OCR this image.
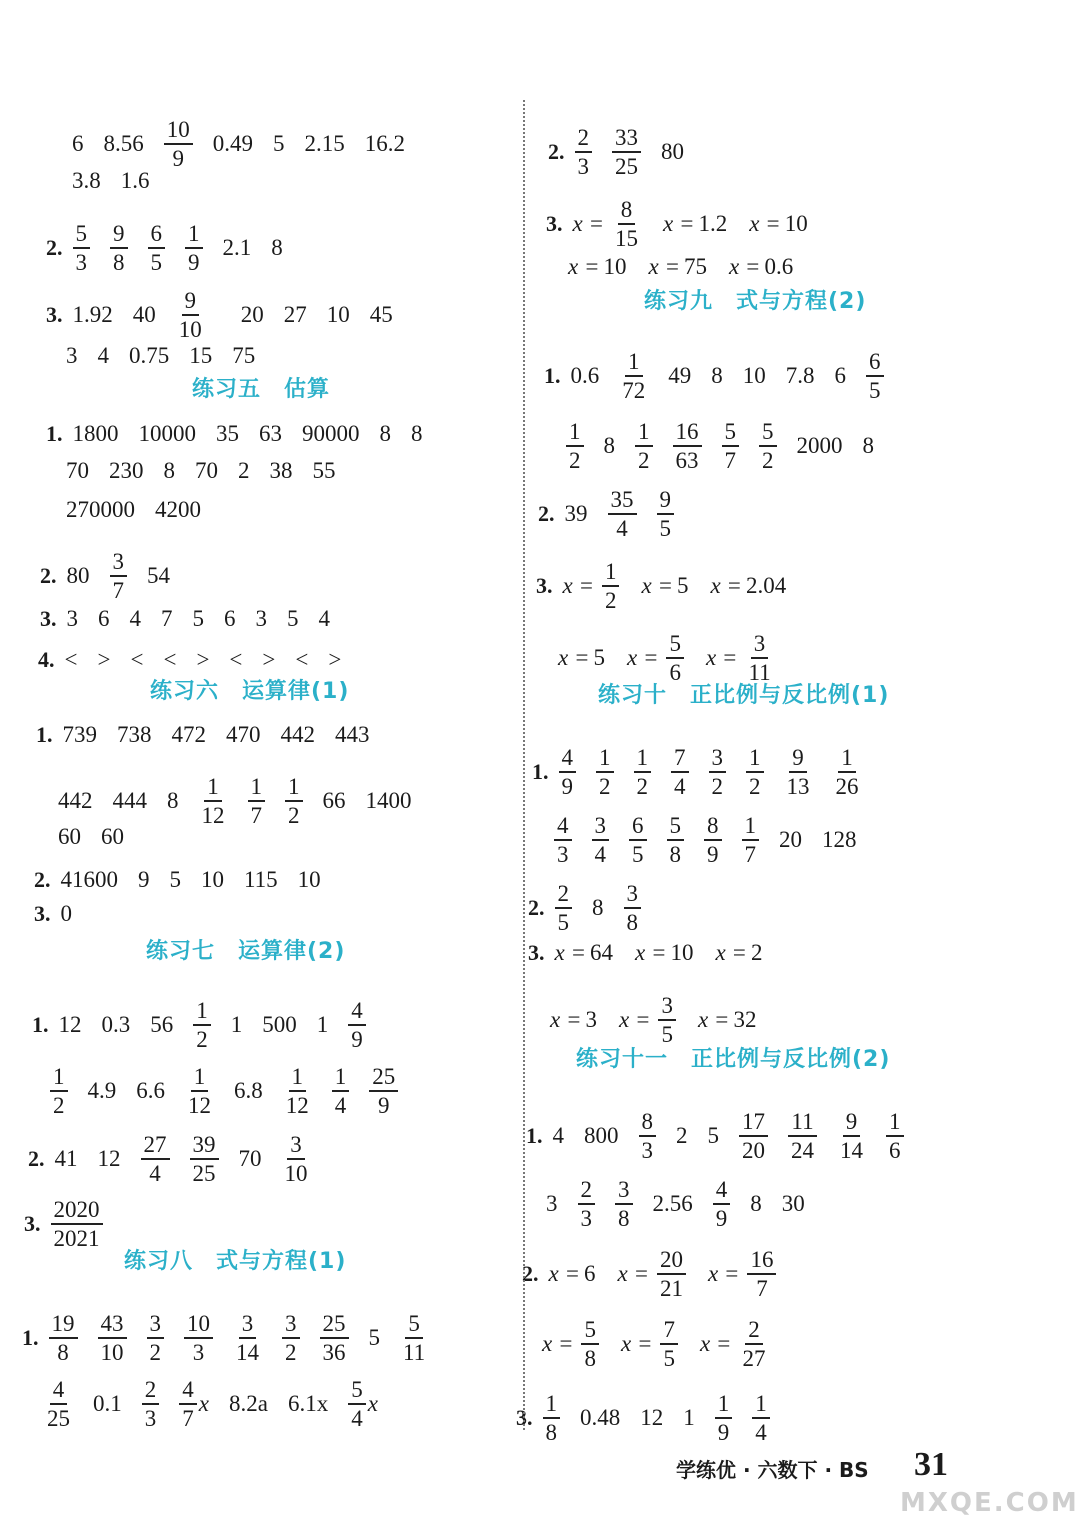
6 $8.56 \frac{10}{9} 0.49$ 5 2.15 16.2
3.8 1.6
2. $\frac{5}{3} \frac{9}{8} \frac{6}{5} \frac{1}{9} 2.1$ 8
3. 1.92 $40 \frac{9}{10} 20$ 27 10 45
3 4 0.75 15 75
1. 1800 10000 35 63 90000 8 8
70 230 8 70 2 38 55
270000 4200
2. $80 \frac{3}{7} 54$
3. 3 6 4 7 5 6 3 5 4
4. < > < < > < > < >
1. 739 738 472 470 442 443
442 444 $8 \frac{1}{12} \frac{1}{7} \frac{1}{2} 66$ 1400
60 60
2. 41600 9 5 10 115 10
3. 0
1. 12 0.3 $56 \frac{1}{2} 1$ 500 $1 \frac{4}{9}$
$\frac{1}{2} 4.9$ $6.6 \frac{1}{12} 6.8 \frac{1}{12} \frac{1}{4} \frac{25}{9}$
2. 41 $12 \frac{27}{4} \frac{39}{25} 70 \frac{3}{10}$
3. $\frac{2020}{2021}$
1. $\frac{19}{8} \frac{43}{10} \frac{3}{2} \frac{10}{3} \frac{3}{14} \frac{3}{2} \frac{25}{36} 5 \frac{5}{11}$
$\frac{4}{25} 0.1 \frac{2}{3} \frac{4}{7}$ x 8.2a $6.1x \frac{5}{4}$ x
2. $\frac{2}{3} \frac{33}{25} 80$
3. $x = \frac{8}{15}$ x = 1.2 x = 10
x = 10 x = 75 x = 0.6
1. $0.6 \frac{1}{72} 49$ 8 10 7.8 $6 \frac{6}{5}$
$\frac{1}{2} 8 \frac{1}{2} \frac{16}{63} \frac{5}{7} \frac{5}{2} 2000$ 8
2. $39 \frac{35}{4} \frac{9}{5}$
3. $x = \frac{1}{2}$ x = 5 x = 2.04
x = 5 $x = \frac{5}{6}$ $x = \frac{3}{11}$
1. $\frac{4}{9} \frac{1}{2} \frac{1}{2} \frac{7}{4} \frac{3}{2} \frac{1}{2} \frac{9}{13} \frac{1}{26}$
$\frac{4}{3} \frac{3}{4} \frac{6}{5} \frac{5}{8} \frac{8}{9} \frac{1}{7} 20$ 128
2. $\frac{2}{5} 8 \frac{3}{8}$
3. x = 64 x = 10 x = 2
x = 3 $x = \frac{3}{5}$ x = 32
1. 4 $800 \frac{8}{3} 2$ $5 \frac{17}{20} \frac{11}{24} \frac{9}{14} \frac{1}{6}$
$3 \frac{2}{3} \frac{3}{8} 2.56 \frac{4}{9} 8$ 30
2. x = 6 $x = \frac{20}{21}$ $x = \frac{16}{7}$
$x = \frac{5}{8}$ $x = \frac{7}{5}$ $x = \frac{2}{27}$
3. $\frac{1}{8} 0.48$ 12 $1 \frac{1}{9} \frac{1}{4}$
练习五　估算
练习六　运算律(1)
练习七　运算律(2)
练习八　式与方程(1)
练习九　式与方程(2)
练习十　正比例与反比例(1)
练习十一　正比例与反比例(2)
学练优 · 六数下 · BS 31
MXQE.COM
